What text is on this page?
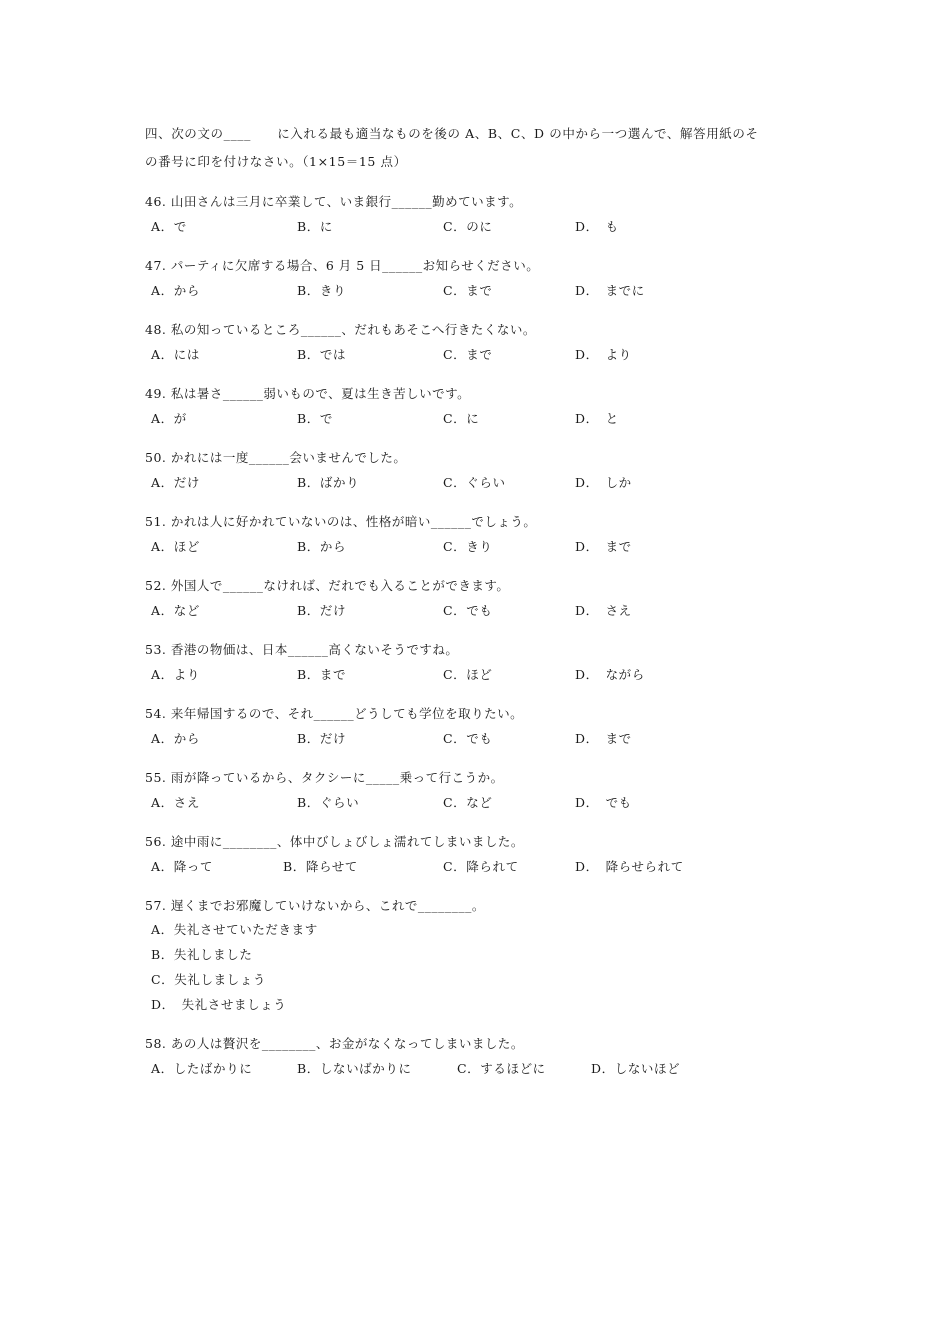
四、次の文の____　　に入れる最も適当なものを後の A、B、C、D の中から一つ選んで、解答用紙のそ
の番号に印を付けなさい。（1×15＝15 点）

46. 山田さんは三月に卒業して、いま銀行______勤めています。
A．で	B．に	C．のに	D．　も
47. パーティに欠席する場合、6 月 5 日______お知らせください。
A．から	B．きり	C．まで	D．　までに
48. 私の知っているところ______、だれもあそこへ行きたくない。
A．には	B．では	C．まで	D．　より
49. 私は暑さ______弱いもので、夏は生き苦しいです。
A．が	B．で	C．に	D．　と
50. かれには一度______会いませんでした。
A．だけ	B．ばかり	C．ぐらい	D．　しか
51. かれは人に好かれていないのは、性格が暗い______でしょう。
A．ほど	B．から	C．きり	D．　まで
52. 外国人で______なければ、だれでも入ることができます。
A．など	B．だけ	C．でも	D．　さえ
53. 香港の物価は、日本______高くないそうですね。
A．より	B．まで	C．ほど	D．　ながら
54. 来年帰国するので、それ______どうしても学位を取りたい。
A．から	B．だけ	C．でも	D．　まで
55. 雨が降っているから、タクシーに_____乗って行こうか。
A．さえ	B．ぐらい	C．など	D．　でも
56. 途中雨に________、体中びしょびしょ濡れてしまいました。
A．降って	B．降らせて	C．降られて	D．　降らせられて
57. 遅くまでお邪魔していけないから、これで________。
A．失礼させていただきます
B．失礼しました
C．失礼しましょう
D．　失礼させましょう
58. あの人は贅沢を________、お金がなくなってしまいました。
A．したばかりに	B．しないばかりに	C．するほどに	D．しないほど
